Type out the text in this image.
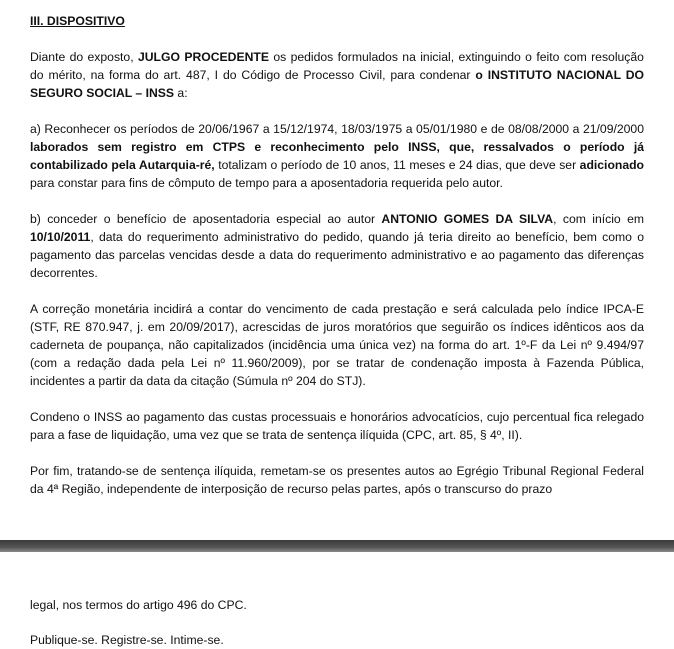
III. DISPOSITIVO

Diante do exposto, JULGO PROCEDENTE os pedidos formulados na inicial, extinguindo o feito com resolução do mérito, na forma do art. 487, I do Código de Processo Civil, para condenar o INSTITUTO NACIONAL DO SEGURO SOCIAL – INSS a:

a) Reconhecer os períodos de 20/06/1967 a 15/12/1974, 18/03/1975 a 05/01/1980 e de 08/08/2000 a 21/09/2000 laborados sem registro em CTPS e reconhecimento pelo INSS, que, ressalvados o período já contabilizado pela Autarquia-ré, totalizam o período de 10 anos, 11 meses e 24 dias, que deve ser adicionado para constar para fins de cômputo de tempo para a aposentadoria requerida pelo autor.

b) conceder o benefício de aposentadoria especial ao autor ANTONIO GOMES DA SILVA, com início em 10/10/2011, data do requerimento administrativo do pedido, quando já teria direito ao benefício, bem como o pagamento das parcelas vencidas desde a data do requerimento administrativo e ao pagamento das diferenças decorrentes.

A correção monetária incidirá a contar do vencimento de cada prestação e será calculada pelo índice IPCA-E (STF, RE 870.947, j. em 20/09/2017), acrescidas de juros moratórios que seguirão os índices idênticos aos da caderneta de poupança, não capitalizados (incidência uma única vez) na forma do art. 1º-F da Lei nº 9.494/97 (com a redação dada pela Lei nº 11.960/2009), por se tratar de condenação imposta à Fazenda Pública, incidentes a partir da data da citação (Súmula nº 204 do STJ).

Condeno o INSS ao pagamento das custas processuais e honorários advocatícios, cujo percentual fica relegado para a fase de liquidação, uma vez que se trata de sentença ilíquida (CPC, art. 85, § 4º, II).

Por fim, tratando-se de sentença ilíquida, remetam-se os presentes autos ao Egrégio Tribunal Regional Federal da 4ª Região, independente de interposição de recurso pelas partes, após o transcurso do prazo

legal, nos termos do artigo 496 do CPC.
Publique-se. Registre-se. Intime-se.
